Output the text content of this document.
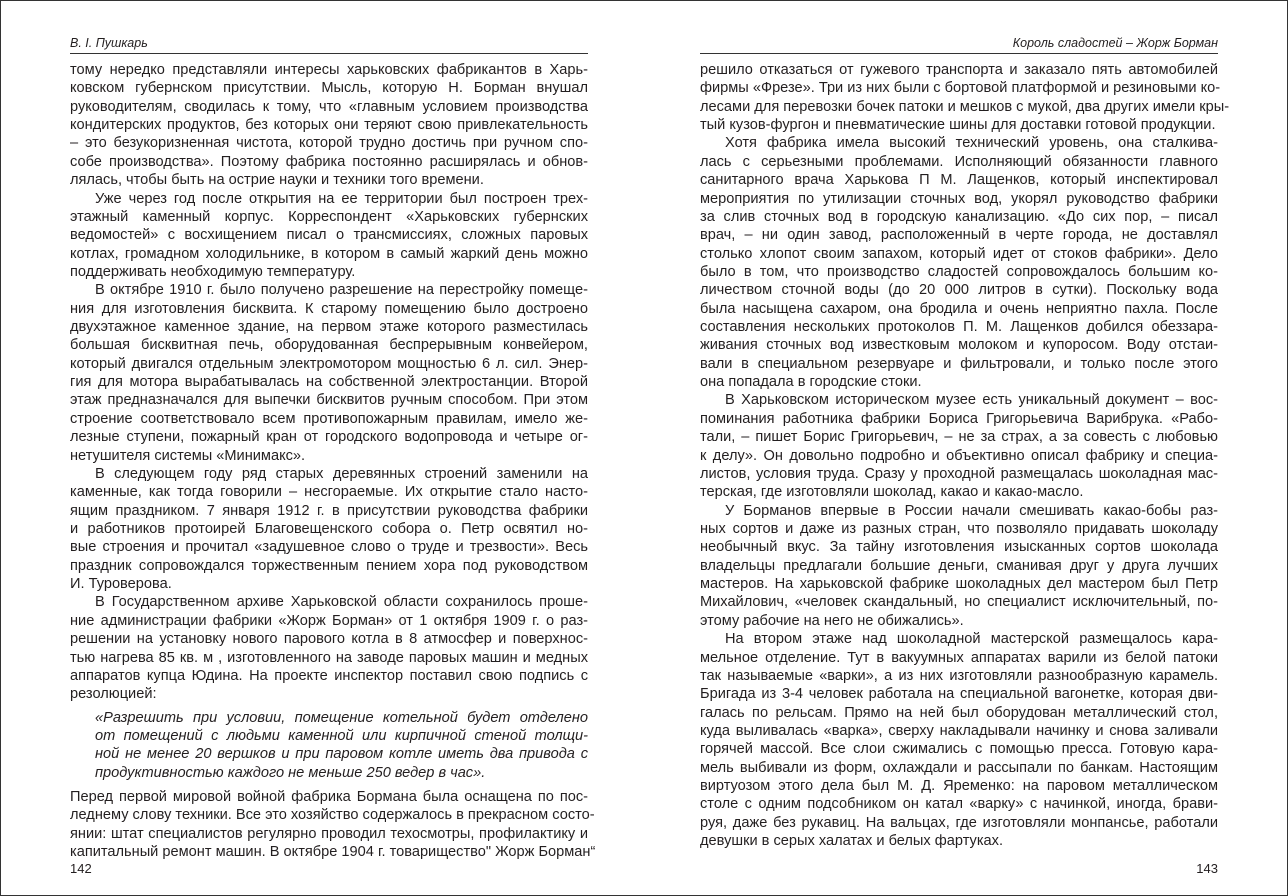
В. І. Пушкарь
тому нередко представляли интересы харьковских фабрикантов в Харь-
ковском губернском присутствии. Мысль, которую Н. Борман внушал
руководителям, сводилась к тому, что «главным условием производства
кондитерских продуктов, без которых они теряют свою привлекательность
– это безукоризненная чистота, которой трудно достичь при ручном спо-
собе производства». Поэтому фабрика постоянно расширялась и обнов-
лялась, чтобы быть на острие науки и техники того времени.
Уже через год после открытия на ее территории был построен трех-
этажный каменный корпус. Корреспондент «Харьковских губернских
ведомостей» с восхищением писал о трансмиссиях, сложных паровых
котлах, громадном холодильнике, в котором в самый жаркий день можно
поддерживать необходимую температуру.
В октябре 1910 г. было получено разрешение на перестройку помеще-
ния для изготовления бисквита. К старому помещению было достроено
двухэтажное каменное здание, на первом этаже которого разместилась
большая бисквитная печь, оборудованная беспрерывным конвейером,
который двигался отдельным электромотором мощностью 6 л. сил. Энер-
гия для мотора вырабатывалась на собственной электростанции. Второй
этаж предназначался для выпечки бисквитов ручным способом. При этом
строение соответствовало всем противопожарным правилам, имело же-
лезные ступени, пожарный кран от городского водопровода и четыре ог-
нетушителя системы «Минимакс».
В следующем году ряд старых деревянных строений заменили на
каменные, как тогда говорили – несгораемые. Их открытие стало насто-
ящим праздником. 7 января 1912 г. в присутствии руководства фабрики
и работников протоирей Благовещенского собора о. Петр освятил но-
вые строения и прочитал «задушевное слово о труде и трезвости». Весь
праздник сопровождался торжественным пением хора под руководством
И. Туроверова.
В Государственном архиве Харьковской области сохранилось проше-
ние администрации фабрики «Жорж Борман» от 1 октября 1909 г. о раз-
решении на установку нового парового котла в 8 атмосфер и поверхнос-
тью нагрева 85 кв. м , изготовленного на заводе паровых машин и медных
аппаратов купца Юдина. На проекте инспектор поставил свою подпись с
резолюцией:
«Разрешить при условии, помещение котельной будет отделено
от помещений с людьми каменной или кирпичной стеной толщи-
ной не менее 20 вершков и при паровом котле иметь два привода с
продуктивностью каждого не меньше 250 ведер в час».
Перед первой мировой войной фабрика Бормана была оснащена по пос-
леднему слову техники. Все это хозяйство содержалось в прекрасном состо-
янии: штат специалистов регулярно проводил техосмотры, профилактику и
капитальный ремонт машин. В октябре 1904 г. товарищество" Жорж Борман“
142
Король сладостей – Жорж Борман
решило отказаться от гужевого транспорта и заказало пять автомобилей
фирмы «Фрезе». Три из них были с бортовой платформой и резиновыми ко-
лесами для перевозки бочек патоки и мешков с мукой, два других имели кры-
тый кузов-фургон и пневматические шины для доставки готовой продукции.
Хотя фабрика имела высокий технический уровень, она сталкива-
лась с серьезными проблемами. Исполняющий обязанности главного
санитарного врача Харькова П М. Лащенков, который инспектировал
мероприятия по утилизации сточных вод, укорял руководство фабрики
за слив сточных вод в городскую канализацию. «До сих пор, – писал
врач, – ни один завод, расположенный в черте города, не доставлял
столько хлопот своим запахом, который идет от стоков фабрики». Дело
было в том, что производство сладостей сопровождалось большим ко-
личеством сточной воды (до 20 000 литров в сутки). Поскольку вода
была насыщена сахаром, она бродила и очень неприятно пахла. После
составления нескольких протоколов П. М. Лащенков добился обеззара-
живания сточных вод известковым молоком и купоросом. Воду отстаи-
вали в специальном резервуаре и фильтровали, и только после этого
она попадала в городские стоки.
В Харьковском историческом музее есть уникальный документ – вос-
поминания работника фабрики Бориса Григорьевича Варибрука. «Рабо-
тали, – пишет Борис Григорьевич, – не за страх, а за совесть с любовью
к делу». Он довольно подробно и объективно описал фабрику и специа-
листов, условия труда. Сразу у проходной размещалась шоколадная мас-
терская, где изготовляли шоколад, какао и какао-масло.
У Борманов впервые в России начали смешивать какао-бобы раз-
ных сортов и даже из разных стран, что позволяло придавать шоколаду
необычный вкус. За тайну изготовления изысканных сортов шоколада
владельцы предлагали большие деньги, сманивая друг у друга лучших
мастеров. На харьковской фабрике шоколадных дел мастером был Петр
Михайлович, «человек скандальный, но специалист исключительный, по-
этому рабочие на него не обижались».
На втором этаже над шоколадной мастерской размещалось кара-
мельное отделение. Тут в вакуумных аппаратах варили из белой патоки
так называемые «варки», а из них изготовляли разнообразную карамель.
Бригада из 3-4 человек работала на специальной вагонетке, которая дви-
галась по рельсам. Прямо на ней был оборудован металлический стол,
куда выливалась «варка», сверху накладывали начинку и снова заливали
горячей массой. Все слои сжимались с помощью пресса. Готовую кара-
мель выбивали из форм, охлаждали и рассыпали по банкам. Настоящим
виртуозом этого дела был М. Д. Яременко: на паровом металлическом
столе с одним подсобником он катал «варку» с начинкой, иногда, брави-
руя, даже без рукавиц. На вальцах, где изготовляли монпансье, работали
девушки в серых халатах и белых фартуках.
143
